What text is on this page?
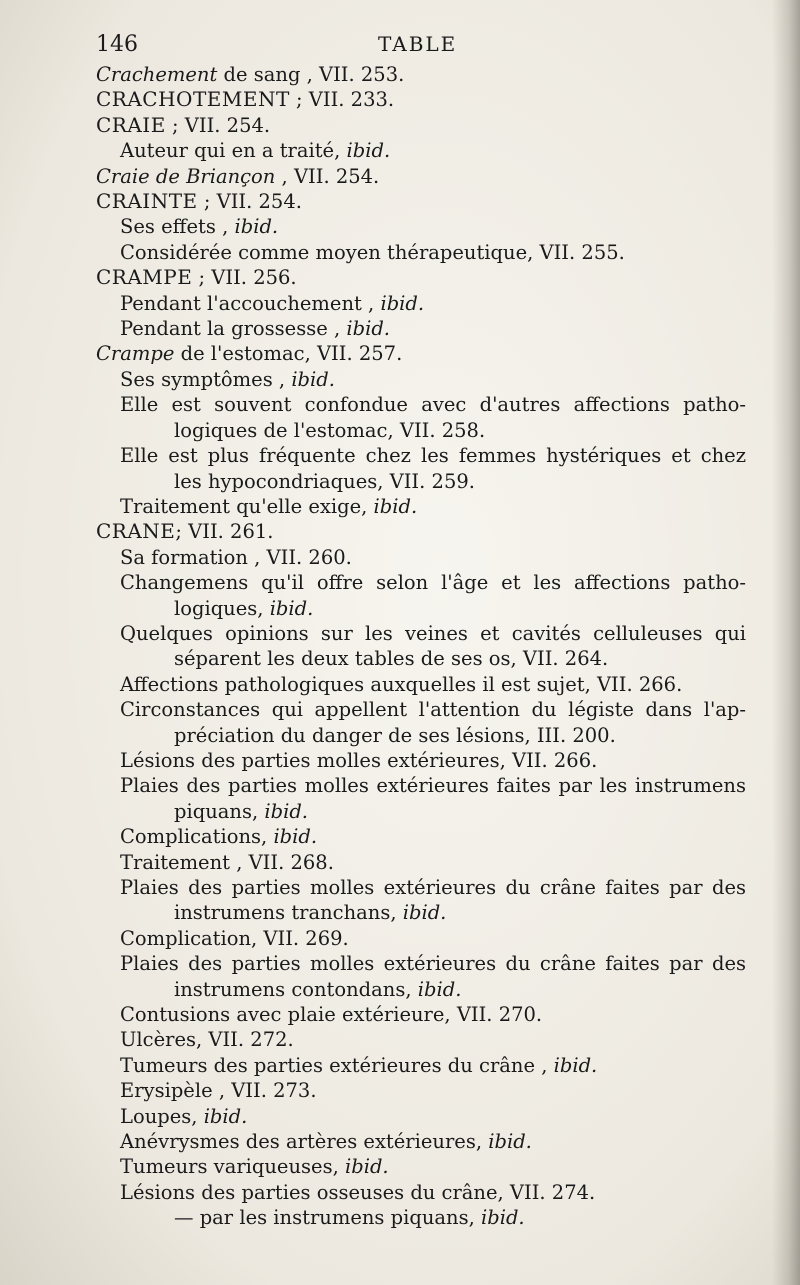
146	TABLE
Crachement de sang , VII. 253.
CRACHOTEMENT ; VII. 233.
CRAIE ; VII. 254.
Auteur qui en a traité, ibid.
Craie de Briançon , VII. 254.
CRAINTE ; VII. 254.
Ses effets , ibid.
Considérée comme moyen thérapeutique, VII. 255.
CRAMPE ; VII. 256.
Pendant l'accouchement , ibid.
Pendant la grossesse , ibid.
Crampe de l'estomac, VII. 257.
Ses symptômes , ibid.
Elle est souvent confondue avec d'autres affections patho-
logiques de l'estomac, VII. 258.
Elle est plus fréquente chez les femmes hystériques et chez
les hypocondriaques, VII. 259.
Traitement qu'elle exige, ibid.
CRANE; VII. 261.
Sa formation , VII. 260.
Changemens qu'il offre selon l'âge et les affections patho-
logiques, ibid.
Quelques opinions sur les veines et cavités celluleuses qui
séparent les deux tables de ses os, VII. 264.
Affections pathologiques auxquelles il est sujet, VII. 266.
Circonstances qui appellent l'attention du légiste dans l'ap-
préciation du danger de ses lésions, III. 200.
Lésions des parties molles extérieures, VII. 266.
Plaies des parties molles extérieures faites par les instrumens
piquans, ibid.
Complications, ibid.
Traitement , VII. 268.
Plaies des parties molles extérieures du crâne faites par des
instrumens tranchans, ibid.
Complication, VII. 269.
Plaies des parties molles extérieures du crâne faites par des
instrumens contondans, ibid.
Contusions avec plaie extérieure, VII. 270.
Ulcères, VII. 272.
Tumeurs des parties extérieures du crâne , ibid.
Erysipèle , VII. 273.
Loupes, ibid.
Anévrysmes des artères extérieures, ibid.
Tumeurs variqueuses, ibid.
Lésions des parties osseuses du crâne, VII. 274.
— par les instrumens piquans, ibid.
